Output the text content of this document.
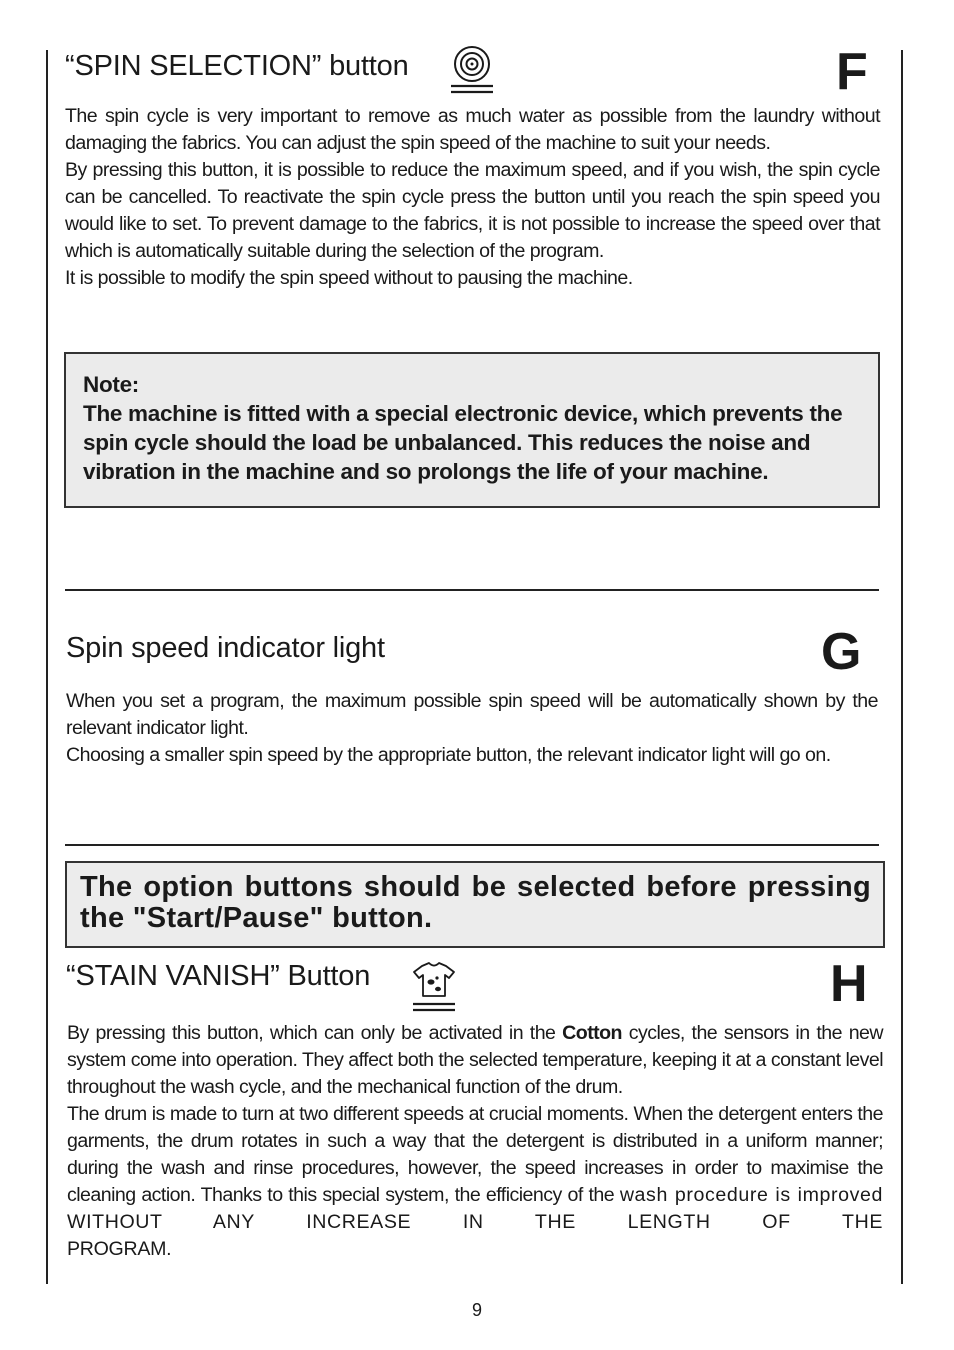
“SPIN SELECTION” button	F

The spin cycle is very important to remove as much water as possible from the laundry without damaging the fabrics. You can adjust the spin speed of the machine to suit your needs.

By pressing this button, it is possible to reduce the maximum speed, and if you wish, the spin cycle can be cancelled. To reactivate the spin cycle press the button until you reach the spin speed you would like to set. To prevent damage to the fabrics, it is not possible to increase the speed over that which is automatically suitable during the selection of the program.

It is possible to modify the spin speed without to pausing the machine.

Note:

The machine is fitted with a special electronic device, which prevents the spin cycle should the load be unbalanced. This reduces the noise and vibration in the machine and so prolongs the life of your machine.

Spin speed indicator light	G

When you set a program, the maximum possible spin speed will be automatically shown by the relevant indicator light.

Choosing a smaller spin speed by the appropriate button, the relevant indicator light will go on.

The option buttons should be selected before pressing the "Start/Pause" button.

“STAIN VANISH” Button	H

By pressing this button, which can only be activated in the Cotton cycles, the sensors in the new system come into operation. They affect both the selected temperature, keeping it at a constant level throughout the wash cycle, and the mechanical function of the drum.

The drum is made to turn at two different speeds at crucial moments. When the detergent enters the garments, the drum rotates in such a way that the detergent is distributed in a uniform manner; during the wash and rinse procedures, however, the speed increases in order to maximise the cleaning action. Thanks to this special system, the efficiency of the wash procedure is improved WITHOUT ANY INCREASE IN THE LENGTH OF THE

PROGRAM.

9
